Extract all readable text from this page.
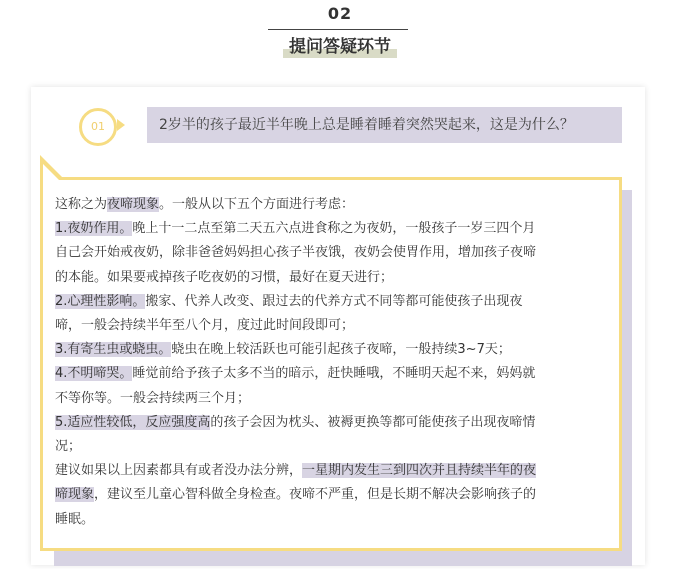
02
提问答疑环节
01	2岁半的孩子最近半年晚上总是睡着睡着突然哭起来，这是为什么？
这称之为夜啼现象。一般从以下五个方面进行考虑：
1.夜奶作用。晚上十一二点至第二天五六点进食称之为夜奶，一般孩子一岁三四个月
自己会开始戒夜奶，除非爸爸妈妈担心孩子半夜饿，夜奶会使胃作用，增加孩子夜啼
的本能。如果要戒掉孩子吃夜奶的习惯，最好在夏天进行；
2.心理性影响。搬家、代养人改变、跟过去的代养方式不同等都可能使孩子出现夜
啼，一般会持续半年至八个月，度过此时间段即可；
3.有寄生虫或蛲虫。蛲虫在晚上较活跃也可能引起孩子夜啼，一般持续3~7天；
4.不明啼哭。睡觉前给予孩子太多不当的暗示，赶快睡哦，不睡明天起不来，妈妈就
不等你等。一般会持续两三个月；
5.适应性较低，反应强度高的孩子会因为枕头、被褥更换等都可能使孩子出现夜啼情
况；
建议如果以上因素都具有或者没办法分辨，一星期内发生三到四次并且持续半年的夜
啼现象，建议至儿童心智科做全身检查。夜啼不严重，但是长期不解决会影响孩子的
睡眠。
